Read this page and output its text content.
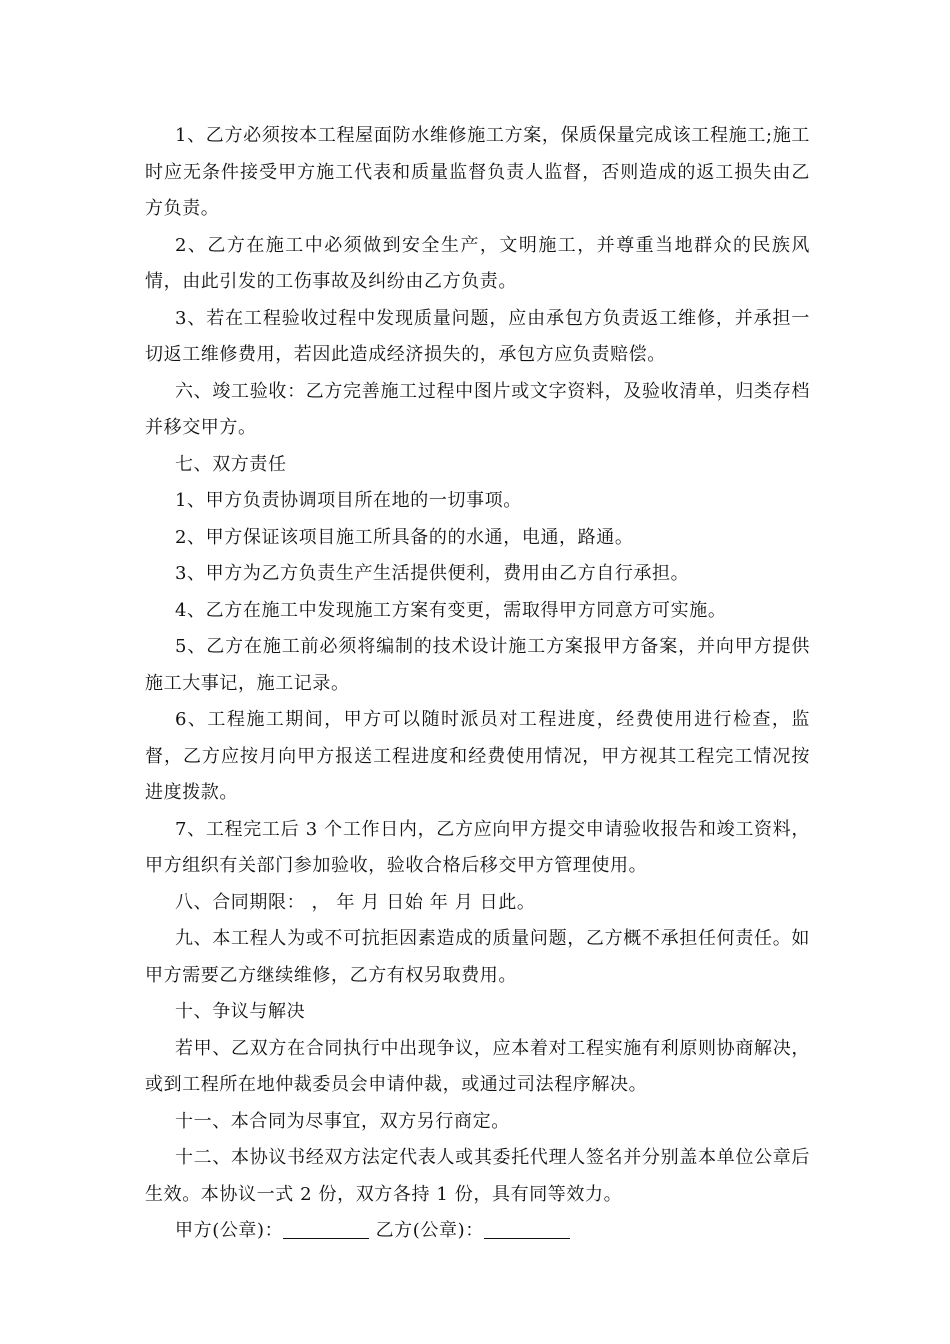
1、乙方必须按本工程屋面防水维修施工方案，保质保量完成该工程施工;施工时应无条件接受甲方施工代表和质量监督负责人监督，否则造成的返工损失由乙方负责。

2、乙方在施工中必须做到安全生产，文明施工，并尊重当地群众的民族风情，由此引发的工伤事故及纠纷由乙方负责。

3、若在工程验收过程中发现质量问题，应由承包方负责返工维修，并承担一切返工维修费用，若因此造成经济损失的，承包方应负责赔偿。

六、竣工验收：乙方完善施工过程中图片或文字资料，及验收清单，归类存档并移交甲方。

七、双方责任

1、甲方负责协调项目所在地的一切事项。

2、甲方保证该项目施工所具备的的水通，电通，路通。

3、甲方为乙方负责生产生活提供便利，费用由乙方自行承担。

4、乙方在施工中发现施工方案有变更，需取得甲方同意方可实施。

5、乙方在施工前必须将编制的技术设计施工方案报甲方备案，并向甲方提供施工大事记，施工记录。

6、工程施工期间，甲方可以随时派员对工程进度，经费使用进行检查，监督，乙方应按月向甲方报送工程进度和经费使用情况，甲方视其工程完工情况按进度拨款。

7、工程完工后 3 个工作日内，乙方应向甲方提交申请验收报告和竣工资料，甲方组织有关部门参加验收，验收合格后移交甲方管理使用。

八、合同期限： ， 年 月 日始 年 月 日此。

九、本工程人为或不可抗拒因素造成的质量问题，乙方概不承担任何责任。如甲方需要乙方继续维修，乙方有权另取费用。

十、争议与解决

若甲、乙双方在合同执行中出现争议，应本着对工程实施有利原则协商解决，或到工程所在地仲裁委员会申请仲裁，或通过司法程序解决。

十一、本合同为尽事宜，双方另行商定。

十二、本协议书经双方法定代表人或其委托代理人签名并分别盖本单位公章后生效。本协议一式 2 份，双方各持 1 份，具有同等效力。

甲方(公章)：	乙方(公章)：
